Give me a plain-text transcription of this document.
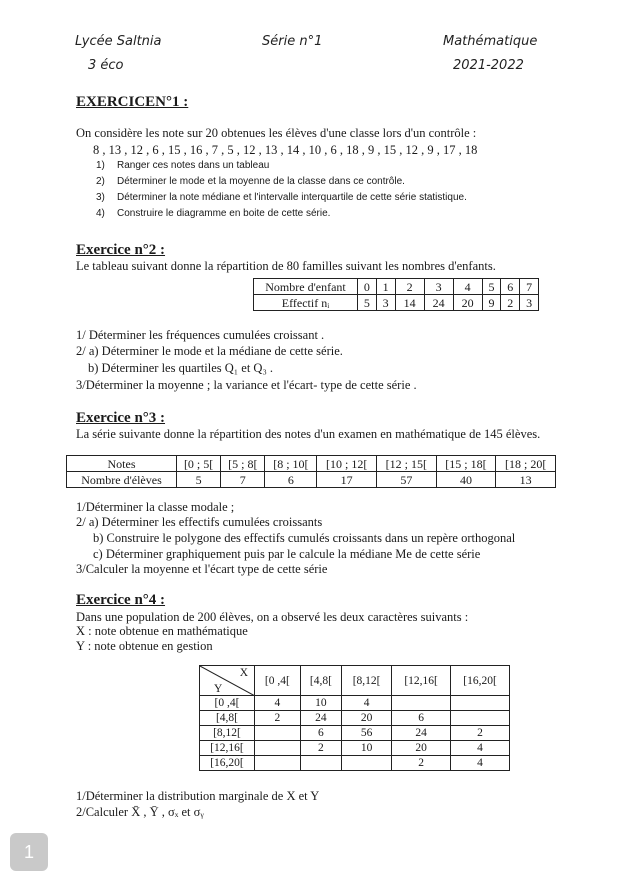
Lycée Saltnia	Série n°1	Mathématique
3 éco	2021-2022
EXERCICEN°1 :
On considère les note sur 20 obtenues les élèves d'une classe lors d'un contrôle :
8 , 13 , 12 , 6 , 15 , 16 , 7 , 5 , 12 , 13 , 14 , 10 , 6 , 18 , 9 , 15 , 12 , 9 , 17 , 18
Exercice n°2 :
Le tableau suivant donne la répartition de 80 familles suivant les nombres d'enfants.
Nombre d'enfant	0	1	2	3	4	5	6	7
Effectif nᵢ	5	3	14	24	20	9	2	3
Exercice n°3 :
La série suivante donne la répartition des notes d'un examen en mathématique de 145 élèves.
Notes	[0 ; 5[	[5 ; 8[	[8 ; 10[	[10 ; 12[	[12 ; 15[	[15 ; 18[	[18 ; 20[
Nombre d'élèves	5	7	6	17	57	40	13
Exercice n°4 :
Dans une population de 200 élèves, on a observé les deux caractères suivants :
X : note obtenue en mathématique
Y : note obtenue en gestion
X
Y	[0 ,4[	[4,8[	[8,12[	[12,16[	[16,20[
[0 ,4[	4	10	4		
[4,8[	2	24	20	6	
[8,12[		6	56	24	2
[12,16[		2	10	20	4
[16,20[				2	4
1
1) Ranger ces notes dans un tableau
2) Déterminer le mode et la moyenne de la classe dans ce contrôle.
3) Déterminer la note médiane et l'intervalle interquartile de cette série statistique.
4) Construire le diagramme en boite de cette série.
1/ Déterminer les fréquences cumulées croissant .
2/ a) Déterminer le mode et la médiane de cette série.
b) Déterminer les quartiles Q₁ et Q₃ .
3/Déterminer la moyenne ; la variance et l'écart- type de cette série .
1/Déterminer la classe modale ;
2/ a) Déterminer les effectifs cumulées croissants
b) Construire le polygone des effectifs cumulés croissants dans un repère orthogonal
c) Déterminer graphiquement puis par le calcule la médiane Me de cette série
3/Calculer la moyenne et l'écart type de cette série
1/Déterminer la distribution marginale de X et Y
2/Calculer X̄ , Ȳ , σₓ et σᵧ
